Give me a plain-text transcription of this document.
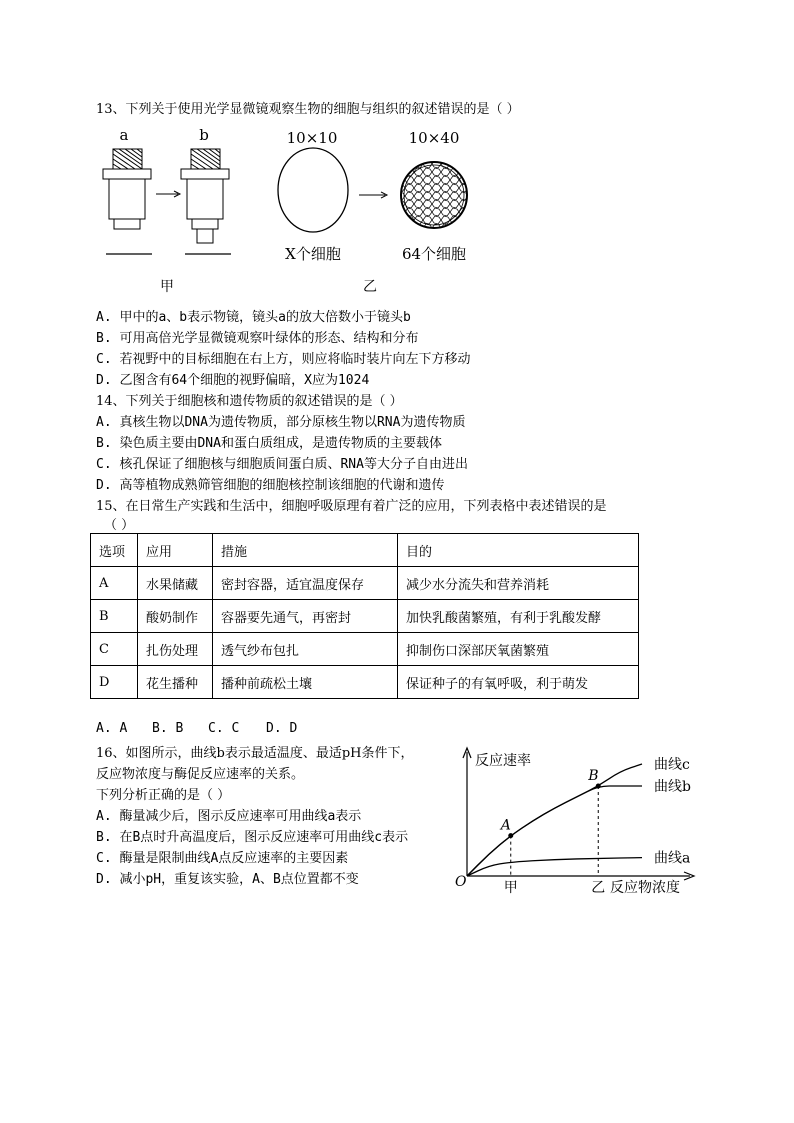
13、下列关于使用光学显微镜观察生物的细胞与组织的叙述错误的是（ ）
a	b	10×10
X个细胞
10×40
64个细胞
甲	乙
A. 甲中的a、b表示物镜，镜头a的放大倍数小于镜头b
B. 可用高倍光学显微镜观察叶绿体的形态、结构和分布
C. 若视野中的目标细胞在右上方，则应将临时装片向左下方移动
D. 乙图含有64个细胞的视野偏暗，X应为1024
14、下列关于细胞核和遗传物质的叙述错误的是（ ）
A. 真核生物以DNA为遗传物质，部分原核生物以RNA为遗传物质
B. 染色质主要由DNA和蛋白质组成，是遗传物质的主要载体
C. 核孔保证了细胞核与细胞质间蛋白质、RNA等大分子自由进出
D. 高等植物成熟筛管细胞的细胞核控制该细胞的代谢和遗传
15、在日常生产实践和生活中，细胞呼吸原理有着广泛的应用，下列表格中表述错误的是
（ ）
选项	应用	措施	目的
A	水果储藏	密封容器，适宜温度保存	减少水分流失和营养消耗
B	酸奶制作	容器要先通气，再密封	加快乳酸菌繁殖，有利于乳酸发酵
C	扎伤处理	透气纱布包扎	抑制伤口深部厌氧菌繁殖
D	花生播种	播种前疏松土壤	保证种子的有氧呼吸，利于萌发
A. A B. B C. C D. D
16、如图所示，曲线b表示最适温度、最适pH条件下，
反应物浓度与酶促反应速率的关系。
下列分析正确的是（ ）
A. 酶量减少后，图示反应速率可用曲线a表示
B. 在B点时升高温度后，图示反应速率可用曲线c表示
C. 酶量是限制曲线A点反应速率的主要因素
D. 减小pH，重复该实验，A、B点位置都不变
反应速率
反应物浓度
O
曲线c
曲线b
曲线a
A
B
甲	乙
